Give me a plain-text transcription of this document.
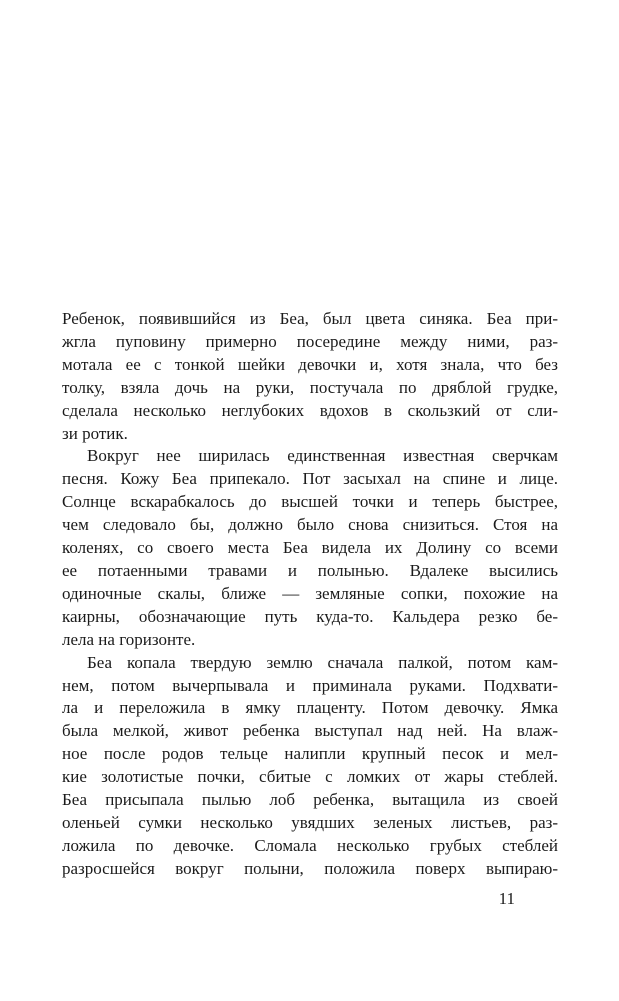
Ребенок, появившийся из Беа, был цвета синяка. Беа при-
жгла пуповину примерно посередине между ними, раз-
мотала ее с тонкой шейки девочки и, хотя знала, что без
толку, взяла дочь на руки, постучала по дряблой грудке,
сделала несколько неглубоких вдохов в скользкий от сли-
зи ротик.
Вокруг нее ширилась единственная известная сверчкам
песня. Кожу Беа припекало. Пот засыхал на спине и лице.
Солнце вскарабкалось до высшей точки и теперь быстрее,
чем следовало бы, должно было снова снизиться. Стоя на
коленях, со своего места Беа видела их Долину со всеми
ее потаенными травами и полынью. Вдалеке высились
одиночные скалы, ближе — земляные сопки, похожие на
каирны, обозначающие путь куда-то. Кальдера резко бе-
лела на горизонте.
Беа копала твердую землю сначала палкой, потом кам-
нем, потом вычерпывала и приминала руками. Подхвати-
ла и переложила в ямку плаценту. Потом девочку. Ямка
была мелкой, живот ребенка выступал над ней. На влаж-
ное после родов тельце налипли крупный песок и мел-
кие золотистые почки, сбитые с ломких от жары стеблей.
Беа присыпала пылью лоб ребенка, вытащила из своей
оленьей сумки несколько увядших зеленых листьев, раз-
ложила по девочке. Сломала несколько грубых стеблей
разросшейся вокруг полыни, положила поверх выпираю-
11
